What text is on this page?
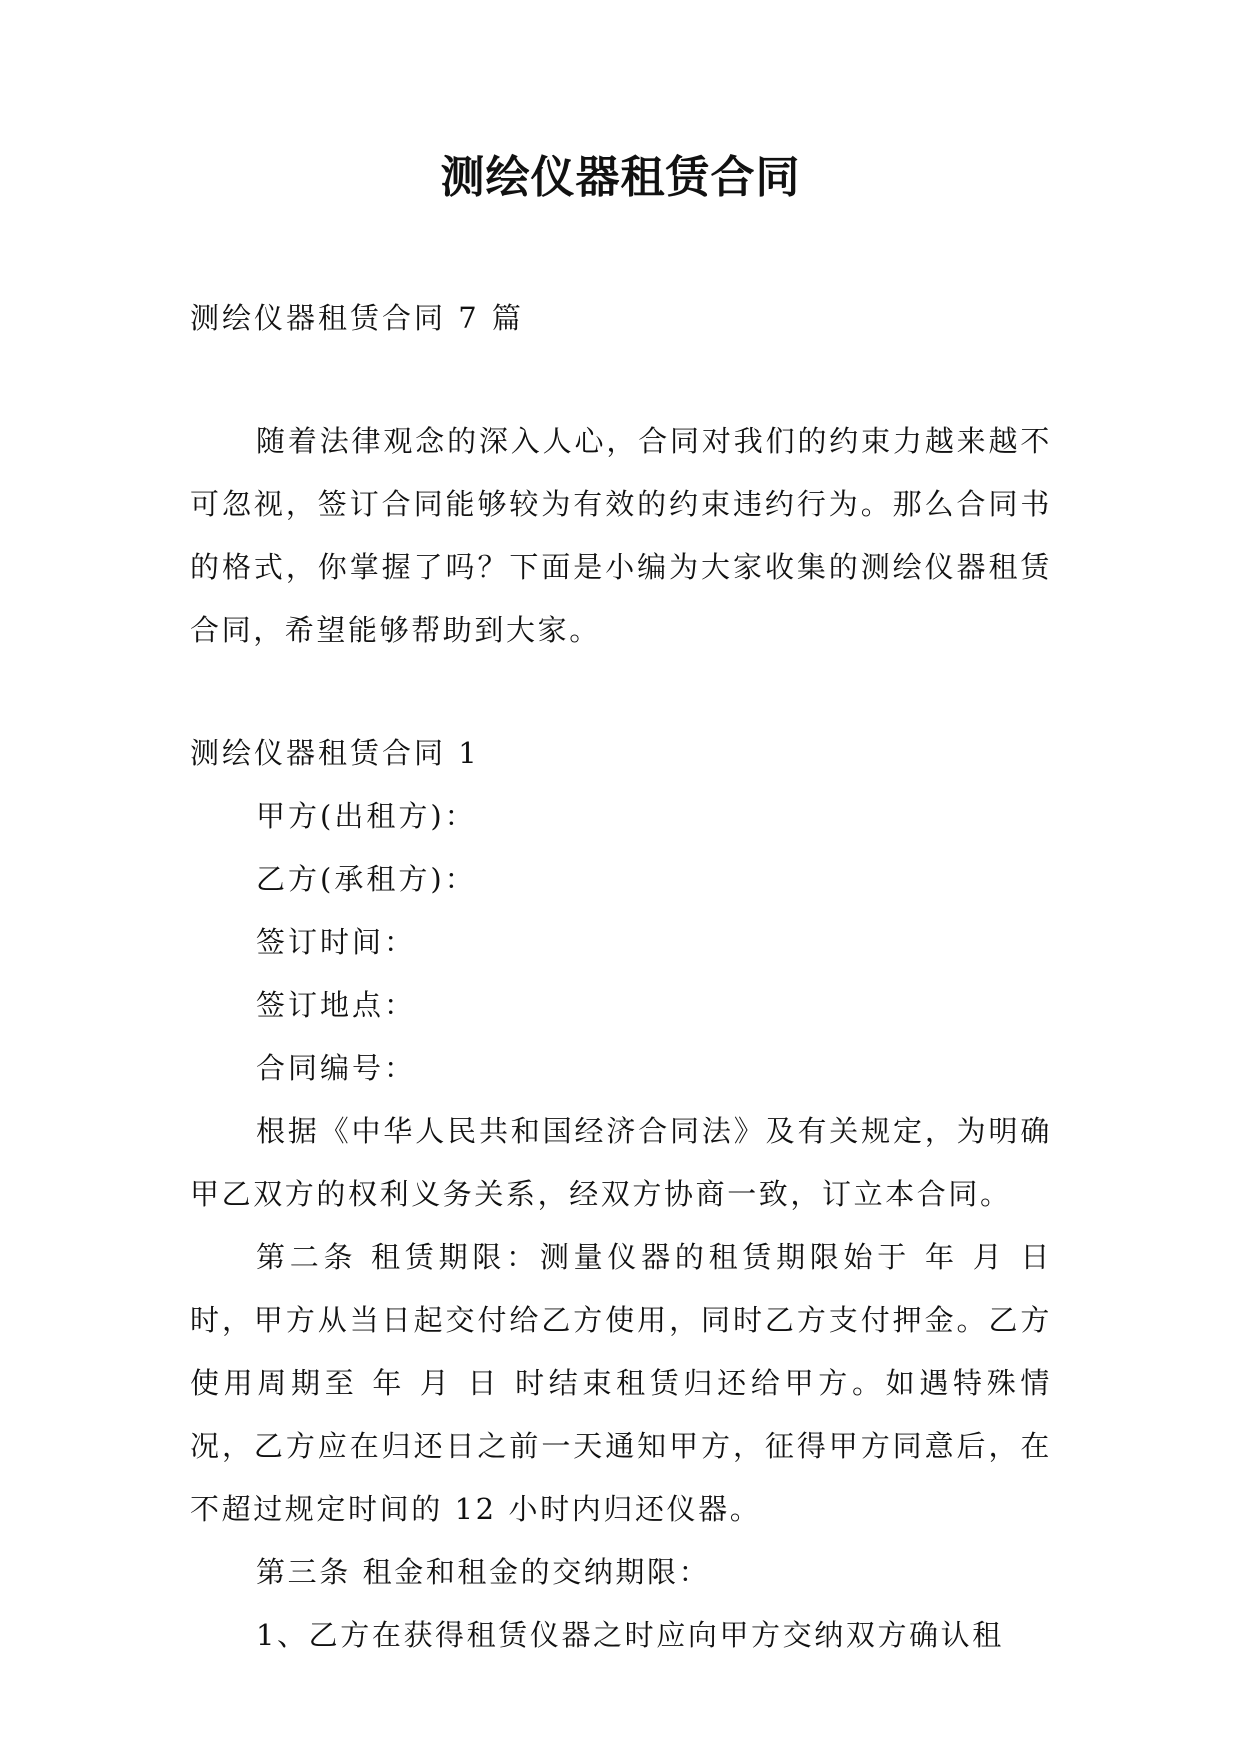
测绘仪器租赁合同

测绘仪器租赁合同 7 篇

随着法律观念的深入人心，合同对我们的约束力越来越不可忽视，签订合同能够较为有效的约束违约行为。那么合同书的格式，你掌握了吗？下面是小编为大家收集的测绘仪器租赁合同，希望能够帮助到大家。

测绘仪器租赁合同 1

甲方(出租方)：

乙方(承租方)：

签订时间：

签订地点：

合同编号：

根据《中华人民共和国经济合同法》及有关规定，为明确甲乙双方的权利义务关系，经双方协商一致，订立本合同。

第二条 租赁期限：测量仪器的租赁期限始于 年 月 日时，甲方从当日起交付给乙方使用，同时乙方支付押金。乙方使用周期至 年 月 日 时结束租赁归还给甲方。如遇特殊情况，乙方应在归还日之前一天通知甲方，征得甲方同意后，在不超过规定时间的 12 小时内归还仪器。

第三条 租金和租金的交纳期限：

1、乙方在获得租赁仪器之时应向甲方交纳双方确认租
